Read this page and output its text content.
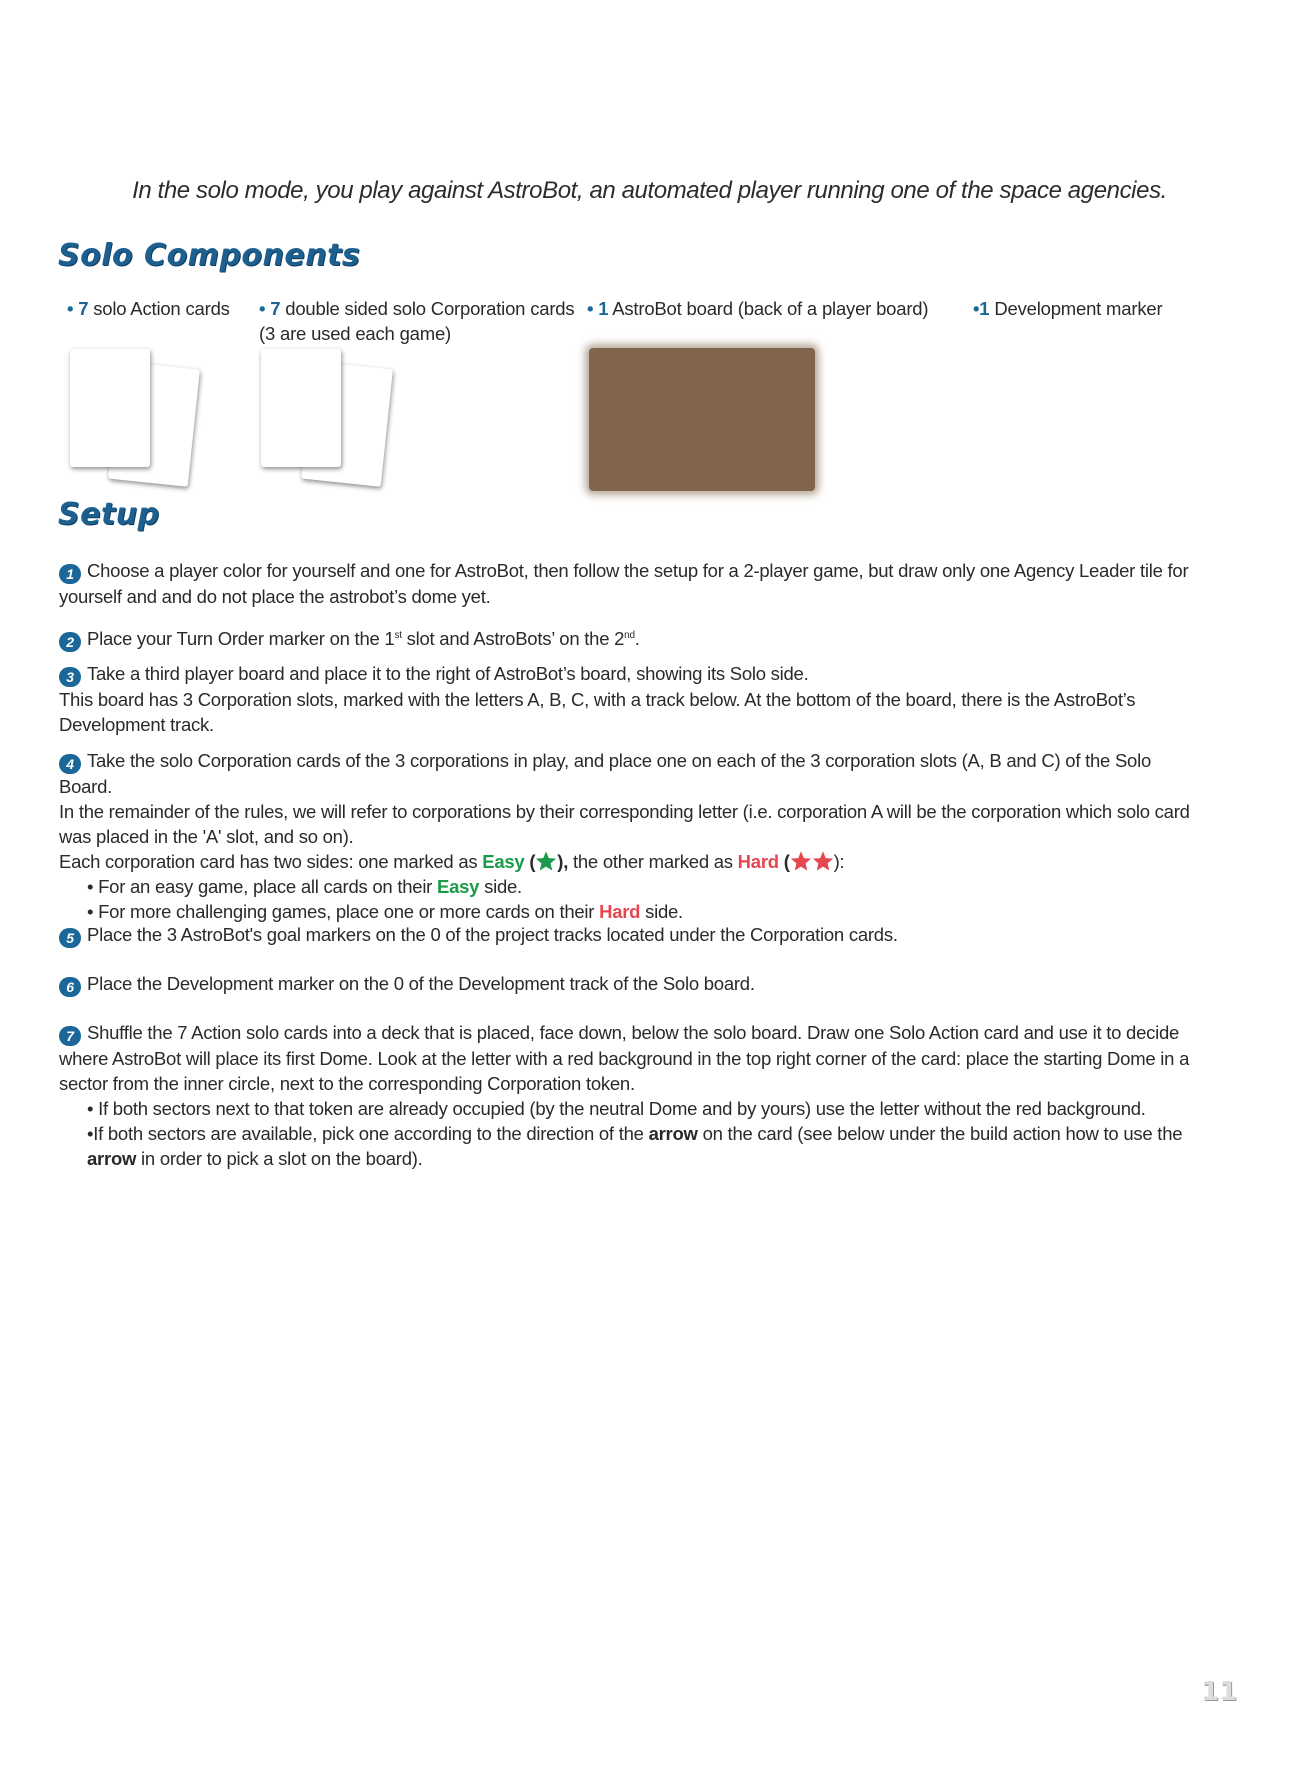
In the solo mode, you play against AstroBot, an automated player running one of the space agencies.
Solo Components
• 7 solo Action cards • 7 double sided solo Corporation cards
(3 are used each game)
• 1 AstroBot board (back of a player board) •1 Development marker
Setup
1 Choose a player color for yourself and one for AstroBot, then follow the setup for a 2-player game, but draw only one Agency Leader tile for yourself and and do not place the astrobot’s dome yet.
2 Place your Turn Order marker on the 1st slot and AstroBots’ on the 2nd.
3 Take a third player board and place it to the right of AstroBot’s board, showing its Solo side.
This board has 3 Corporation slots, marked with the letters A, B, C, with a track below. At the bottom of the board, there is the AstroBot’s Development track.
4 Take the solo Corporation cards of the 3 corporations in play, and place one on each of the 3 corporation slots (A, B and C) of the Solo Board.
In the remainder of the rules, we will refer to corporations by their corresponding letter (i.e. corporation A will be the corporation which solo card was placed in the 'A' slot, and so on).
Each corporation card has two sides: one marked as Easy ( ), the other marked as Hard ( ):

• For an easy game, place all cards on their Easy side.
• For more challenging games, place one or more cards on their Hard side.
5 Place the 3 AstroBot's goal markers on the 0 of the project tracks located under the Corporation cards.
6 Place the Development marker on the 0 of the Development track of the Solo board.
7 Shuffle the 7 Action solo cards into a deck that is placed, face down, below the solo board. Draw one Solo Action card and use it to decide where AstroBot will place its first Dome. Look at the letter with a red background in the top right corner of the card: place the starting Dome in a sector from the inner circle, next to the corresponding Corporation token.
• If both sectors next to that token are already occupied (by the neutral Dome and by yours) use the letter without the red background.
•If both sectors are available, pick one according to the direction of the arrow on the card (see below under the build action how to use the arrow in order to pick a slot on the board).
11
